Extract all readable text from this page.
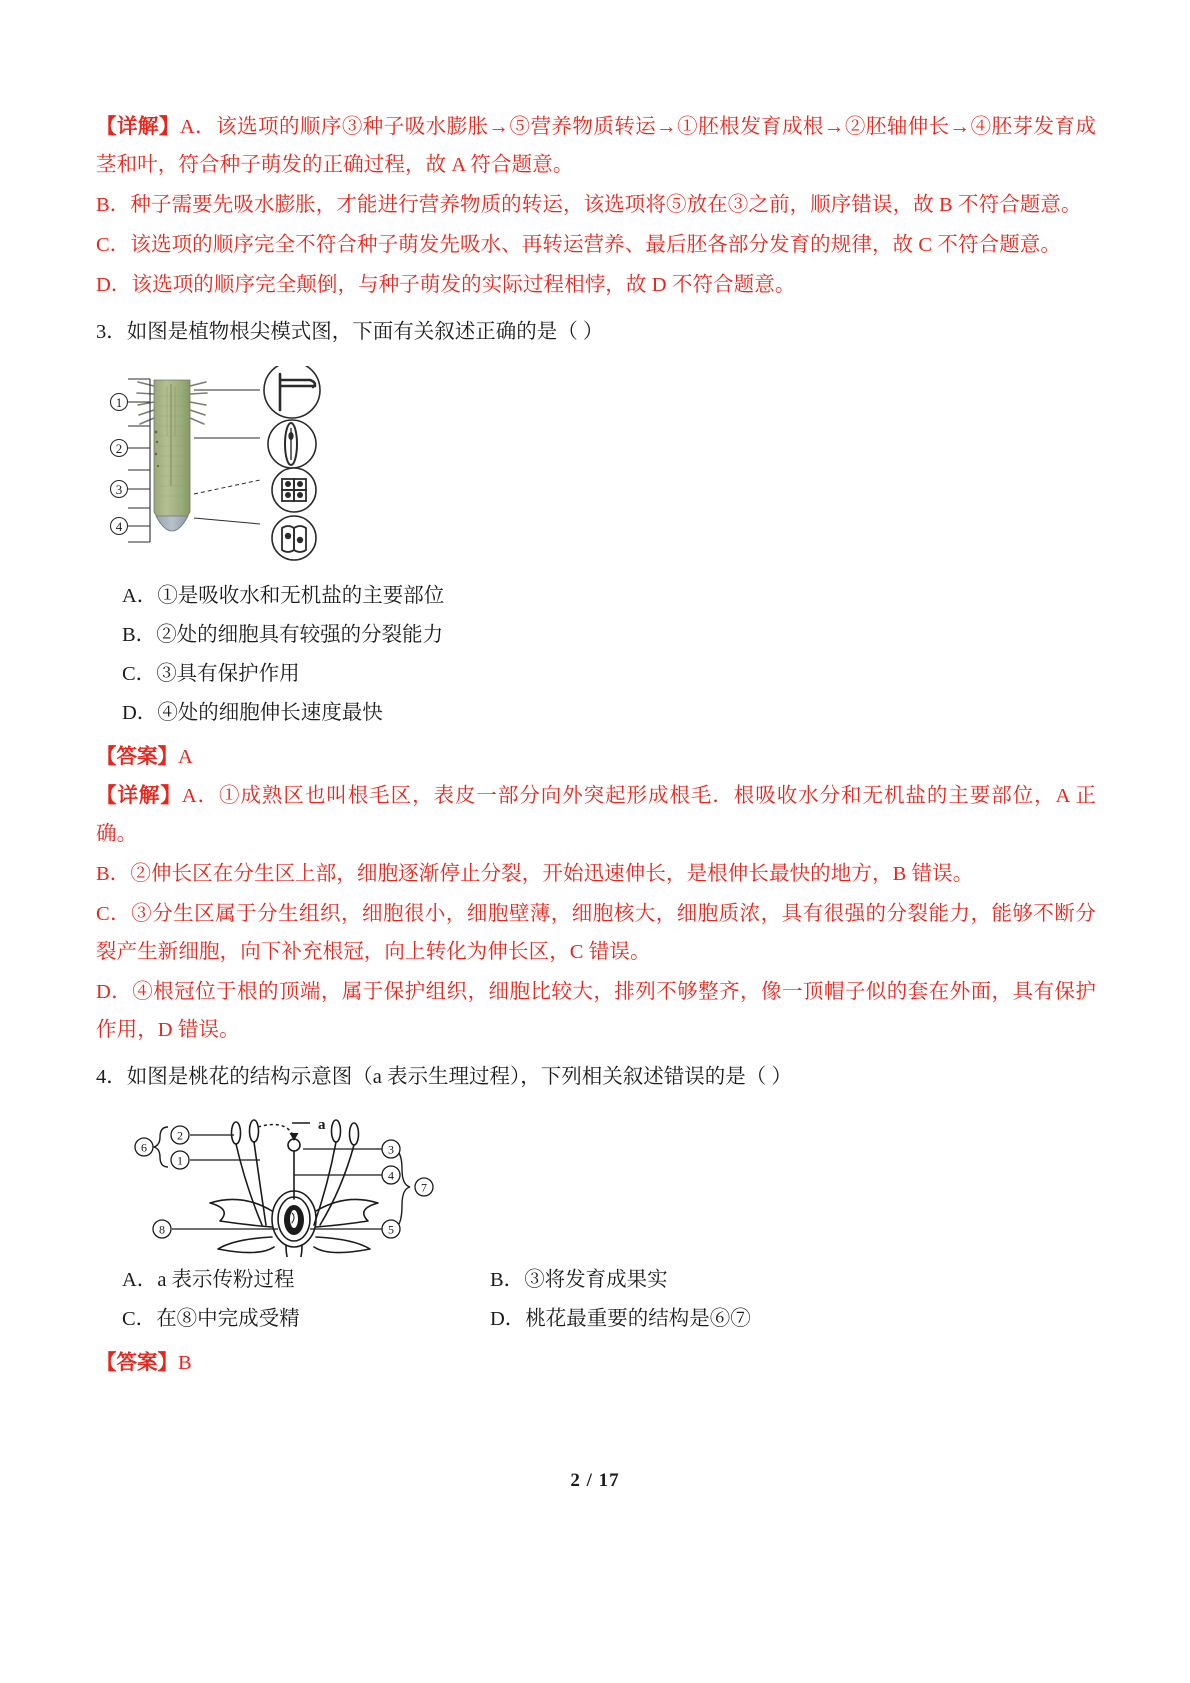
【详解】A．该选项的顺序③种子吸水膨胀→⑤营养物质转运→①胚根发育成根→②胚轴伸长→④胚芽发育成茎和叶，符合种子萌发的正确过程，故 A 符合题意。

B．种子需要先吸水膨胀，才能进行营养物质的转运，该选项将⑤放在③之前，顺序错误，故 B 不符合题意。

C．该选项的顺序完全不符合种子萌发先吸水、再转运营养、最后胚各部分发育的规律，故 C 不符合题意。

D．该选项的顺序完全颠倒，与种子萌发的实际过程相悖，故 D 不符合题意。

3．如图是植物根尖模式图，下面有关叙述正确的是（ ）

1
2
3
4

A．①是吸收水和无机盐的主要部位

B．②处的细胞具有较强的分裂能力

C．③具有保护作用

D．④处的细胞伸长速度最快

【答案】A

【详解】A．①成熟区也叫根毛区，表皮一部分向外突起形成根毛．根吸收水分和无机盐的主要部位，A 正确。

B．②伸长区在分生区上部，细胞逐渐停止分裂，开始迅速伸长，是根伸长最快的地方，B 错误。

C．③分生区属于分生组织，细胞很小，细胞壁薄，细胞核大，细胞质浓，具有很强的分裂能力，能够不断分裂产生新细胞，向下补充根冠，向上转化为伸长区，C 错误。

D．④根冠位于根的顶端，属于保护组织，细胞比较大，排列不够整齐，像一顶帽子似的套在外面，具有保护作用，D 错误。

4．如图是桃花的结构示意图（a 表示生理过程），下列相关叙述错误的是（ ）

a
2
1
6	3
4
5
7
8

A．a 表示传粉过程	B．③将发育成果实

C．在⑧中完成受精	D．桃花最重要的结构是⑥⑦

【答案】B

2 / 17
